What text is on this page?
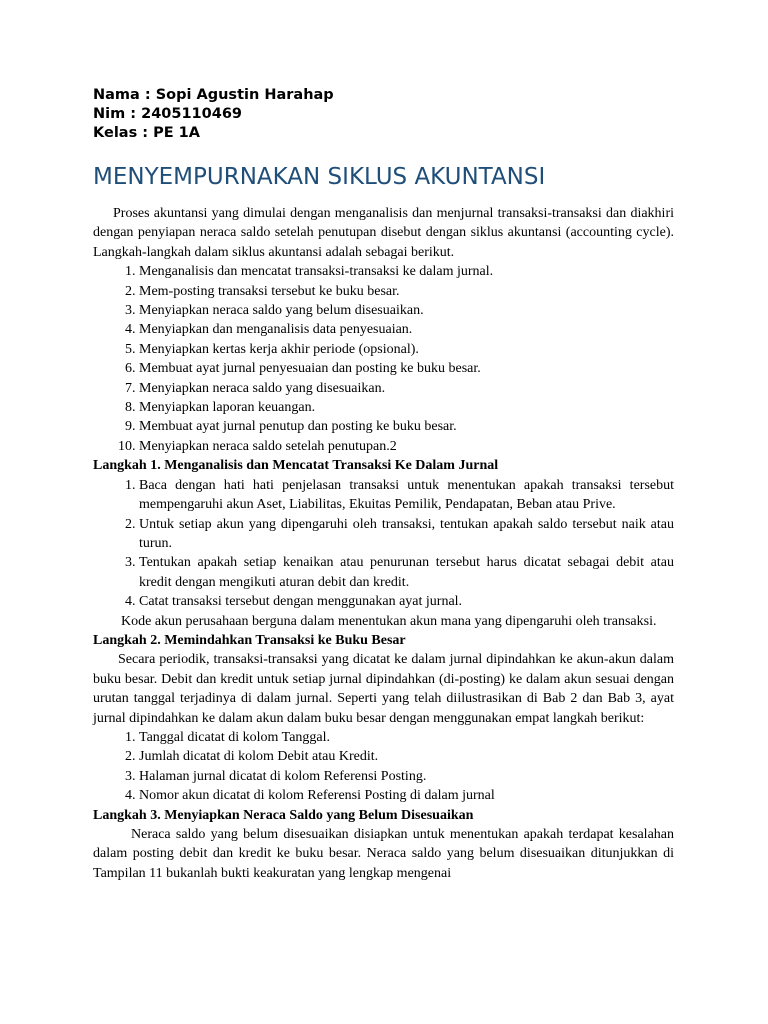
Nama : Sopi Agustin Harahap
Nim : 2405110469
Kelas : PE 1A
MENYEMPURNAKAN SIKLUS AKUNTANSI

Proses akuntansi yang dimulai dengan menganalisis dan menjurnal transaksi-transaksi dan diakhiri dengan penyiapan neraca saldo setelah penutupan disebut dengan siklus akuntansi (accounting cycle). Langkah-langkah dalam siklus akuntansi adalah sebagai berikut.

1. Menganalisis dan mencatat transaksi-transaksi ke dalam jurnal.
2. Mem-posting transaksi tersebut ke buku besar.
3. Menyiapkan neraca saldo yang belum disesuaikan.
4. Menyiapkan dan menganalisis data penyesuaian.
5. Menyiapkan kertas kerja akhir periode (opsional).
6. Membuat ayat jurnal penyesuaian dan posting ke buku besar.
7. Menyiapkan neraca saldo yang disesuaikan.
8. Menyiapkan laporan keuangan.
9. Membuat ayat jurnal penutup dan posting ke buku besar.
10. Menyiapkan neraca saldo setelah penutupan.2
Langkah 1. Menganalisis dan Mencatat Transaksi Ke Dalam Jurnal
1. Baca dengan hati hati penjelasan transaksi untuk menentukan apakah transaksi tersebut mempengaruhi akun Aset, Liabilitas, Ekuitas Pemilik, Pendapatan, Beban atau Prive.
2. Untuk setiap akun yang dipengaruhi oleh transaksi, tentukan apakah saldo tersebut naik atau turun.
3. Tentukan apakah setiap kenaikan atau penurunan tersebut harus dicatat sebagai debit atau kredit dengan mengikuti aturan debit dan kredit.
4. Catat transaksi tersebut dengan menggunakan ayat jurnal.

Kode akun perusahaan berguna dalam menentukan akun mana yang dipengaruhi oleh transaksi.

Langkah 2. Memindahkan Transaksi ke Buku Besar

Secara periodik, transaksi-transaksi yang dicatat ke dalam jurnal dipindahkan ke akun-akun dalam buku besar. Debit dan kredit untuk setiap jurnal dipindahkan (di-posting) ke dalam akun sesuai dengan urutan tanggal terjadinya di dalam jurnal. Seperti yang telah diilustrasikan di Bab 2 dan Bab 3, ayat jurnal dipindahkan ke dalam akun dalam buku besar dengan menggunakan empat langkah berikut:

1. Tanggal dicatat di kolom Tanggal.
2. Jumlah dicatat di kolom Debit atau Kredit.
3. Halaman jurnal dicatat di kolom Referensi Posting.
4. Nomor akun dicatat di kolom Referensi Posting di dalam jurnal
Langkah 3. Menyiapkan Neraca Saldo yang Belum Disesuaikan

Neraca saldo yang belum disesuaikan disiapkan untuk menentukan apakah terdapat kesalahan dalam posting debit dan kredit ke buku besar. Neraca saldo yang belum disesuaikan ditunjukkan di Tampilan 11 bukanlah bukti keakuratan yang lengkap mengenai
